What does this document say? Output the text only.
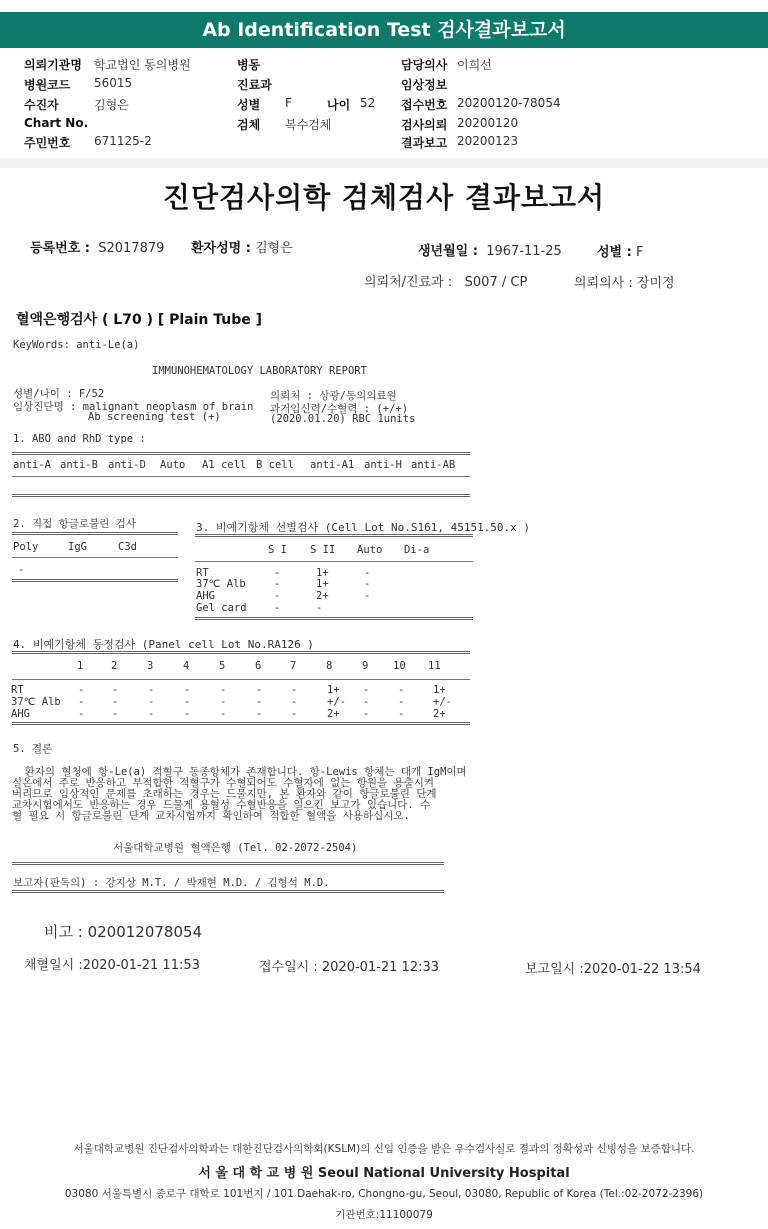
Ab Identification Test 검사결과보고서
의뢰기관명 학교법인 동의병원
병원코드 56015
수진자	김형은
Chart No.
주민번호 671125-2
병동
진료과
성별 F	나이 52
검체 복수검체
담당의사 이희선
임상정보
접수번호 20200120-78054
검사의뢰 20200120
결과보고 20200123
진단검사의학 검체검사 결과보고서
등록번호 : S2017879 환자성명 : 김형은	생년월일 : 1967-11-25	성별 : F
의뢰처/진료과 : S007 / CP	의뢰의사 : 장미정
혈액은행검사 ( L70 ) [ Plain Tube ]
KeyWords: anti-Le(a)
IMMUNOHEMATOLOGY LABORATORY REPORT
성별/나이 : F/52
임상진단명 : malignant neoplasm of brain
Ab screening test (+)
의뢰처 : 상광/동의의료원
과거임신력/수혈력 : (+/+)
(2020.01.20) RBC 1units
1. ABO and RhD type :
anti-A anti-B anti-D Auto A1 cell B cell anti-A1 anti-H anti-AB
2. 직접 항글로불린 검사
Poly	IgG	C3d
-
3. 비예기항체 선별검사 (Cell Lot No.S161, 45151.50.x )
S I S II Auto Di-a
RT	-	1+	-
37℃ Alb	-	1+	-
AHG	-	2+	-
Gel card	-	-
4. 비예기항체 동정검사 (Panel cell Lot No.RA126 )
1	2	3	4	5	6	7	8	9 10 11
RT	-	-	-	-	-	-	-	1+ -	-	1+
37℃ Alb -	-	-	-	-	-	-	+/- -	-	+/-
AHG	-	-	-	-	-	-	-	2+ -	-	2+
5. 결론
환자의 혈청에 항-Le(a) 적혈구 동종항체가 존재합니다. 항-Lewis 항체는 대개 IgM이며
실온에서 주로 반응하고 부적합한 적혈구가 수혈되어도 수혈자에 없는 항원을 용출시켜
버리므로 임상적인 문제를 초래하는 경우는 드물지만, 본 환자와 같이 항글로불린 단계
교차시험에서도 반응하는 경우 드물게 용혈성 수혈반응을 일으킨 보고가 있습니다. 수
혈 필요 시 항글로불린 단계 교차시험까지 확인하여 적합한 혈액을 사용하십시오.
서울대학교병원 혈액은행 (Tel. 02-2072-2504)
보고자(판독의) : 강지상 M.T. / 박재현 M.D. / 김형석 M.D.
비고 : 020012078054
채혈일시 :2020-01-21 11:53	접수일시 : 2020-01-21 12:33	보고일시 :2020-01-22 13:54
서울대학교병원 진단검사의학과는 대한진단검사의학회(KSLM)의 신임 인증을 받은 우수검사실로 결과의 정확성과 신빙성을 보증합니다.
서 울 대 학 교 병 원 Seoul National University Hospital
03080 서울특별시 종로구 대학로 101번지 / 101 Daehak-ro, Chongno-gu, Seoul, 03080, Republic of Korea (Tel.:02-2072-2396)
기관번호:11100079
